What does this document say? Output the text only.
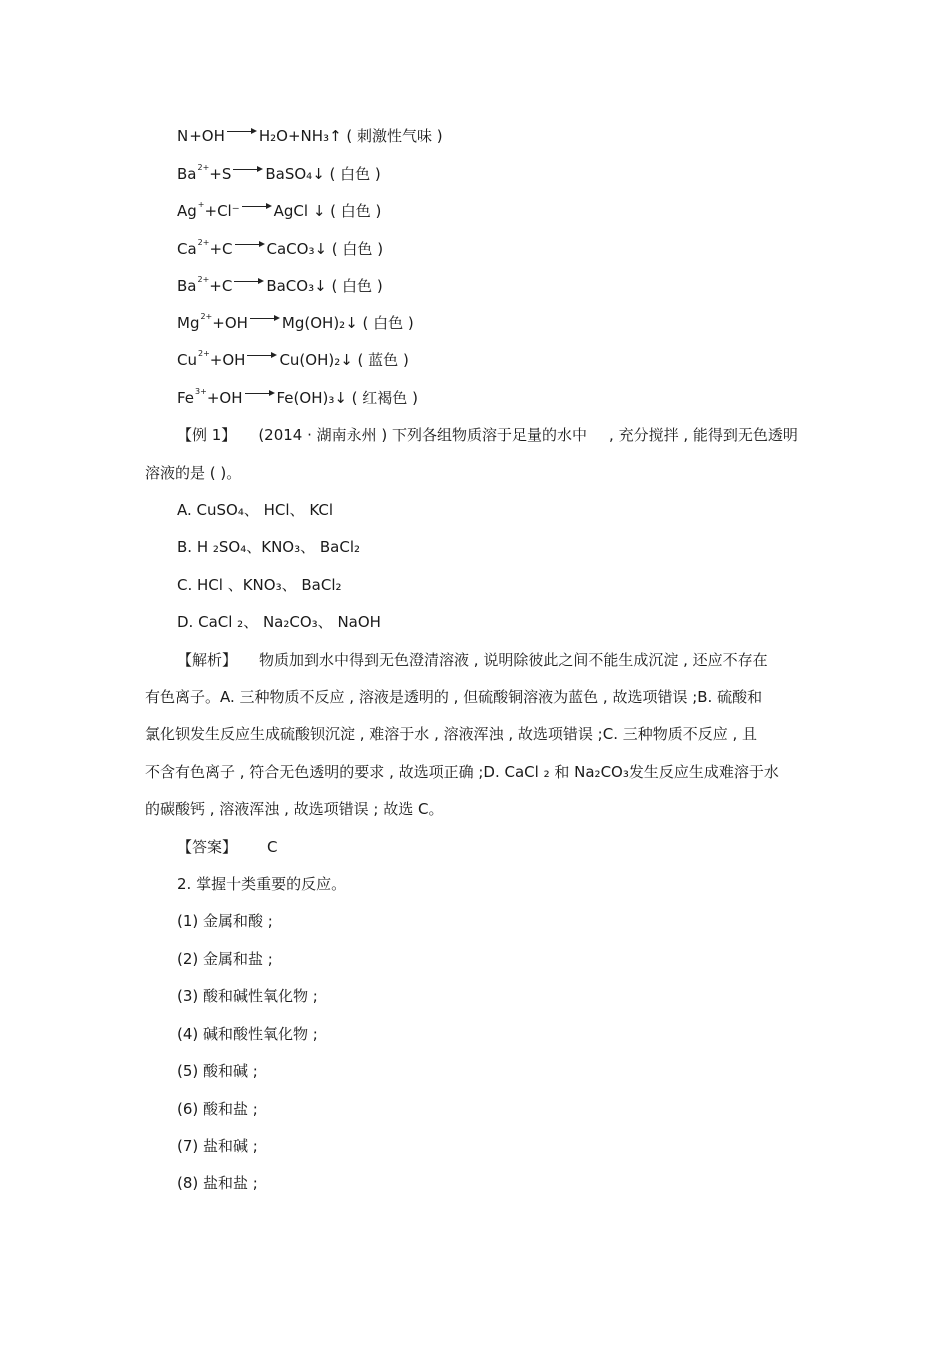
N+OH H₂O+NH₃↑ ( 刺激性气味 )
$Ba^{2+}+S$ BaSO₄↓ ( 白色 )
Ag++Cl⁻ AgCl ↓ ( 白色 )
$Ca^{2+}+C$ CaCO₃↓ ( 白色 )
$Ba^{2+}+C$ BaCO₃↓ ( 白色 )
$Mg^{2+}+OH$ Mg(OH)₂↓ ( 白色 )
$Cu^{2+}+OH$ Cu(OH)₂↓ ( 蓝色 )
$Fe^{3+}+OH$ Fe(OH)₃↓ ( 红褐色 )
【例 1】 (2014 · 湖南永州 ) 下列各组物质溶于足量的水中 , 充分搅拌 , 能得到无色透明
溶液的是 ( )。
A. CuSO₄、 HCl、 KCl
B. H ₂SO₄、KNO₃、 BaCl₂
C. HCl 、KNO₃、 BaCl₂
D. CaCl ₂、 Na₂CO₃、 NaOH
【解析】 物质加到水中得到无色澄清溶液 , 说明除彼此之间不能生成沉淀 , 还应不存在
有色离子。A. 三种物质不反应 , 溶液是透明的 , 但硫酸铜溶液为蓝色 , 故选项错误 ;B. 硫酸和
氯化钡发生反应生成硫酸钡沉淀 , 难溶于水 , 溶液浑浊 , 故选项错误 ;C. 三种物质不反应 , 且
不含有色离子 , 符合无色透明的要求 , 故选项正确 ;D. CaCl ₂ 和 Na₂CO₃发生反应生成难溶于水
的碳酸钙 , 溶液浑浊 , 故选项错误 ; 故选 C。
【答案】 C
2. 掌握十类重要的反应。
(1) 金属和酸 ;
(2) 金属和盐 ;
(3) 酸和碱性氧化物 ;
(4) 碱和酸性氧化物 ;
(5) 酸和碱 ;
(6) 酸和盐 ;
(7) 盐和碱 ;
(8) 盐和盐 ;
